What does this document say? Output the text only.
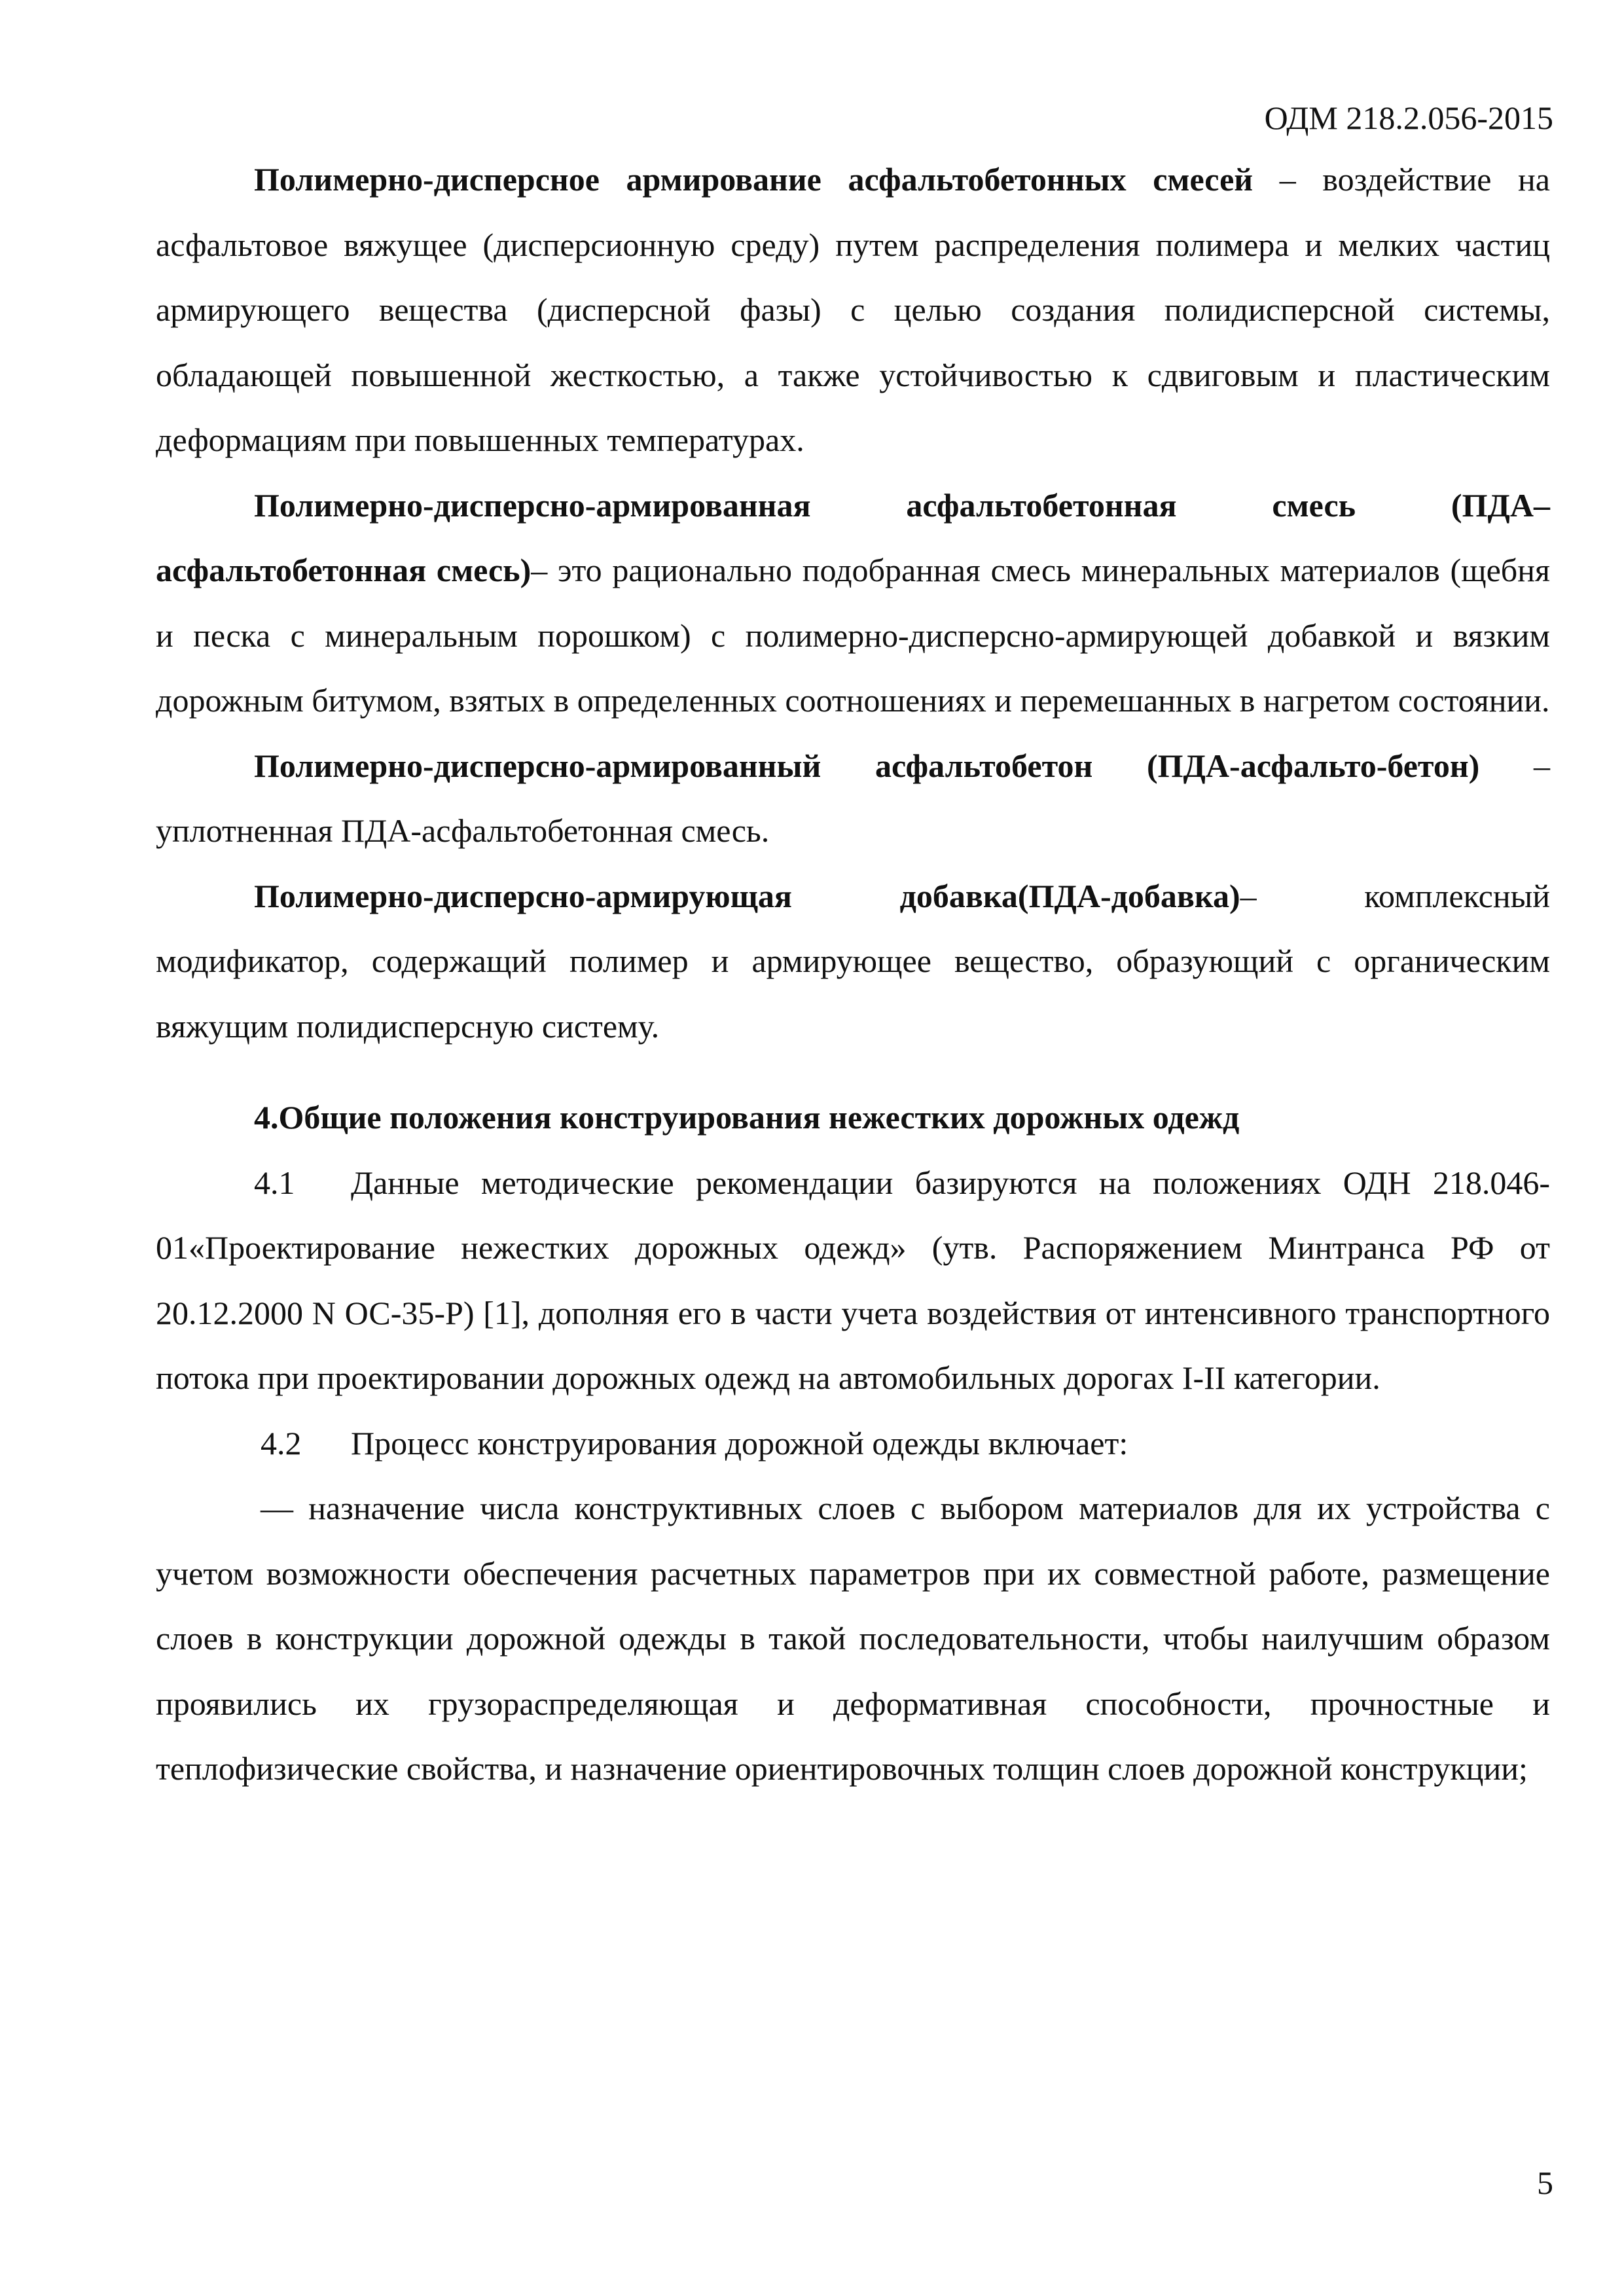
ОДМ 218.2.056-2015

Полимерно-дисперсное армирование асфальтобетонных смесей – воздействие на асфальтовое вяжущее (дисперсионную среду) путем распределения полимера и мелких частиц армирующего вещества (дисперсной фазы) с целью создания полидисперсной системы, обладающей повышенной жесткостью, а также устойчивостью к сдвиговым и пластическим деформациям при повышенных температурах.

Полимерно-дисперсно-армированная асфальтобетонная смесь (ПДА–асфальтобетонная смесь)– это рационально подобранная смесь минеральных материалов (щебня и песка с минеральным порошком) с полимерно-дисперсно-армирующей добавкой и вязким дорожным битумом, взятых в определенных соотношениях и перемешанных в нагретом состоянии.

Полимерно-дисперсно-армированный асфальтобетон (ПДА-асфальто-бетон) – уплотненная ПДА-асфальтобетонная смесь.

Полимерно-дисперсно-армирующая добавка(ПДА-добавка)– комплексный модификатор, содержащий полимер и армирующее вещество, образующий с органическим вяжущим полидисперсную систему.

4.Общие положения конструирования нежестких дорожных одежд

4.1 Данные методические рекомендации базируются на положениях ОДН 218.046-01«Проектирование нежестких дорожных одежд» (утв. Распоряжением Минтранса РФ от 20.12.2000 N ОС-35-Р) [1], дополняя его в части учета воздействия от интенсивного транспортного потока при проектировании дорожных одежд на автомобильных дорогах I-II категории.

4.2 Процесс конструирования дорожной одежды включает:

— назначение числа конструктивных слоев с выбором материалов для их устройства с учетом возможности обеспечения расчетных параметров при их совместной работе, размещение слоев в конструкции дорожной одежды в такой последовательности, чтобы наилучшим образом проявились их грузораспределяющая и деформативная способности, прочностные и теплофизические свойства, и назначение ориентировочных толщин слоев дорожной конструкции;

5
